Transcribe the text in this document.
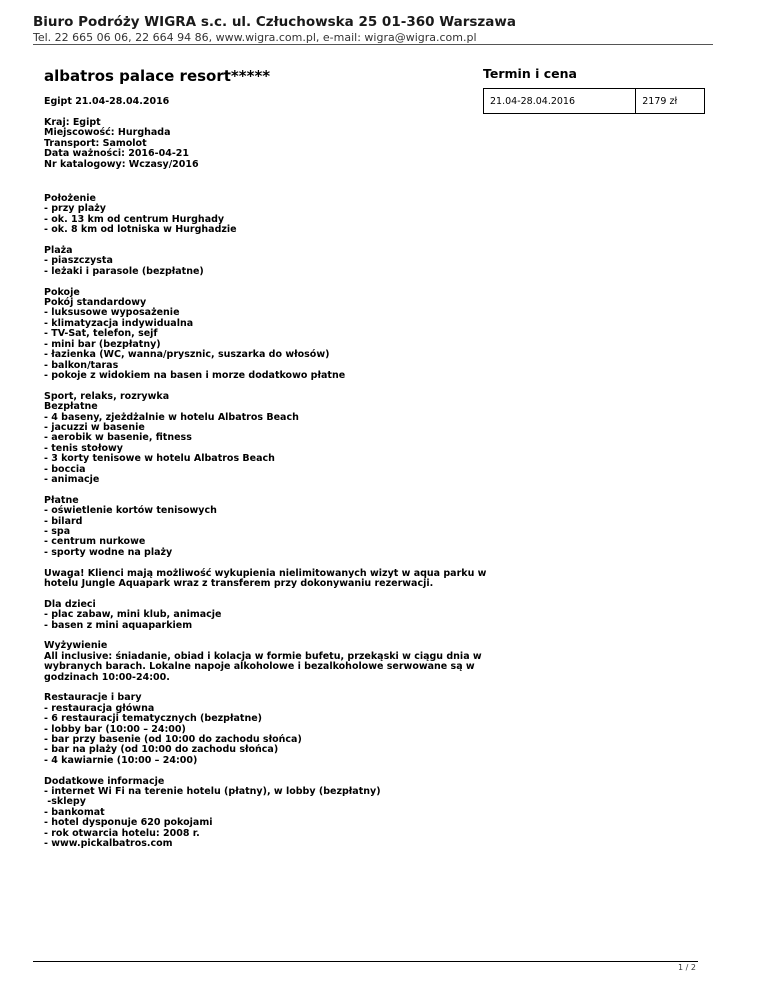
Biuro Podróży WIGRA s.c. ul. Człuchowska 25 01-360 Warszawa
Tel. 22 665 06 06, 22 664 94 86, www.wigra.com.pl, e-mail: wigra@wigra.com.pl
albatros palace resort*****
Egipt 21.04-28.04.2016
Kraj: Egipt
Miejscowość: Hurghada
Transport: Samolot
Data ważności: 2016-04-21
Nr katalogowy: Wczasy/2016
Położenie
- przy plaży
- ok. 13 km od centrum Hurghady
- ok. 8 km od lotniska w Hurghadzie
Plaża
- piaszczysta
- leżaki i parasole (bezpłatne)
Pokoje
Pokój standardowy
- luksusowe wyposażenie
- klimatyzacja indywidualna
- TV-Sat, telefon, sejf
- mini bar (bezpłatny)
- łazienka (WC, wanna/prysznic, suszarka do włosów)
- balkon/taras
- pokoje z widokiem na basen i morze dodatkowo płatne
Sport, relaks, rozrywka
Bezpłatne
- 4 baseny, zjeżdżalnie w hotelu Albatros Beach
- jacuzzi w basenie
- aerobik w basenie, fitness
- tenis stołowy
- 3 korty tenisowe w hotelu Albatros Beach
- boccia
- animacje
Płatne
- oświetlenie kortów tenisowych
- bilard
- spa
- centrum nurkowe
- sporty wodne na plaży
Uwaga! Klienci mają możliwość wykupienia nielimitowanych wizyt w aqua parku w
hotelu Jungle Aquapark wraz z transferem przy dokonywaniu rezerwacji.
Dla dzieci
- plac zabaw, mini klub, animacje
- basen z mini aquaparkiem
Wyżywienie
All inclusive: śniadanie, obiad i kolacja w formie bufetu, przekąski w ciągu dnia w
wybranych barach. Lokalne napoje alkoholowe i bezalkoholowe serwowane są w
godzinach 10:00-24:00.
Restauracje i bary
- restauracja główna
- 6 restauracji tematycznych (bezpłatne)
- lobby bar (10:00 – 24:00)
- bar przy basenie (od 10:00 do zachodu słońca)
- bar na plaży (od 10:00 do zachodu słońca)
- 4 kawiarnie (10:00 – 24:00)
Dodatkowe informacje
- internet Wi Fi na terenie hotelu (płatny), w lobby (bezpłatny)
-sklepy
- bankomat
- hotel dysponuje 620 pokojami
- rok otwarcia hotelu: 2008 r.
- www.pickalbatros.com
Termin i cena
21.04-28.04.2016	2179 zł
1 / 2
